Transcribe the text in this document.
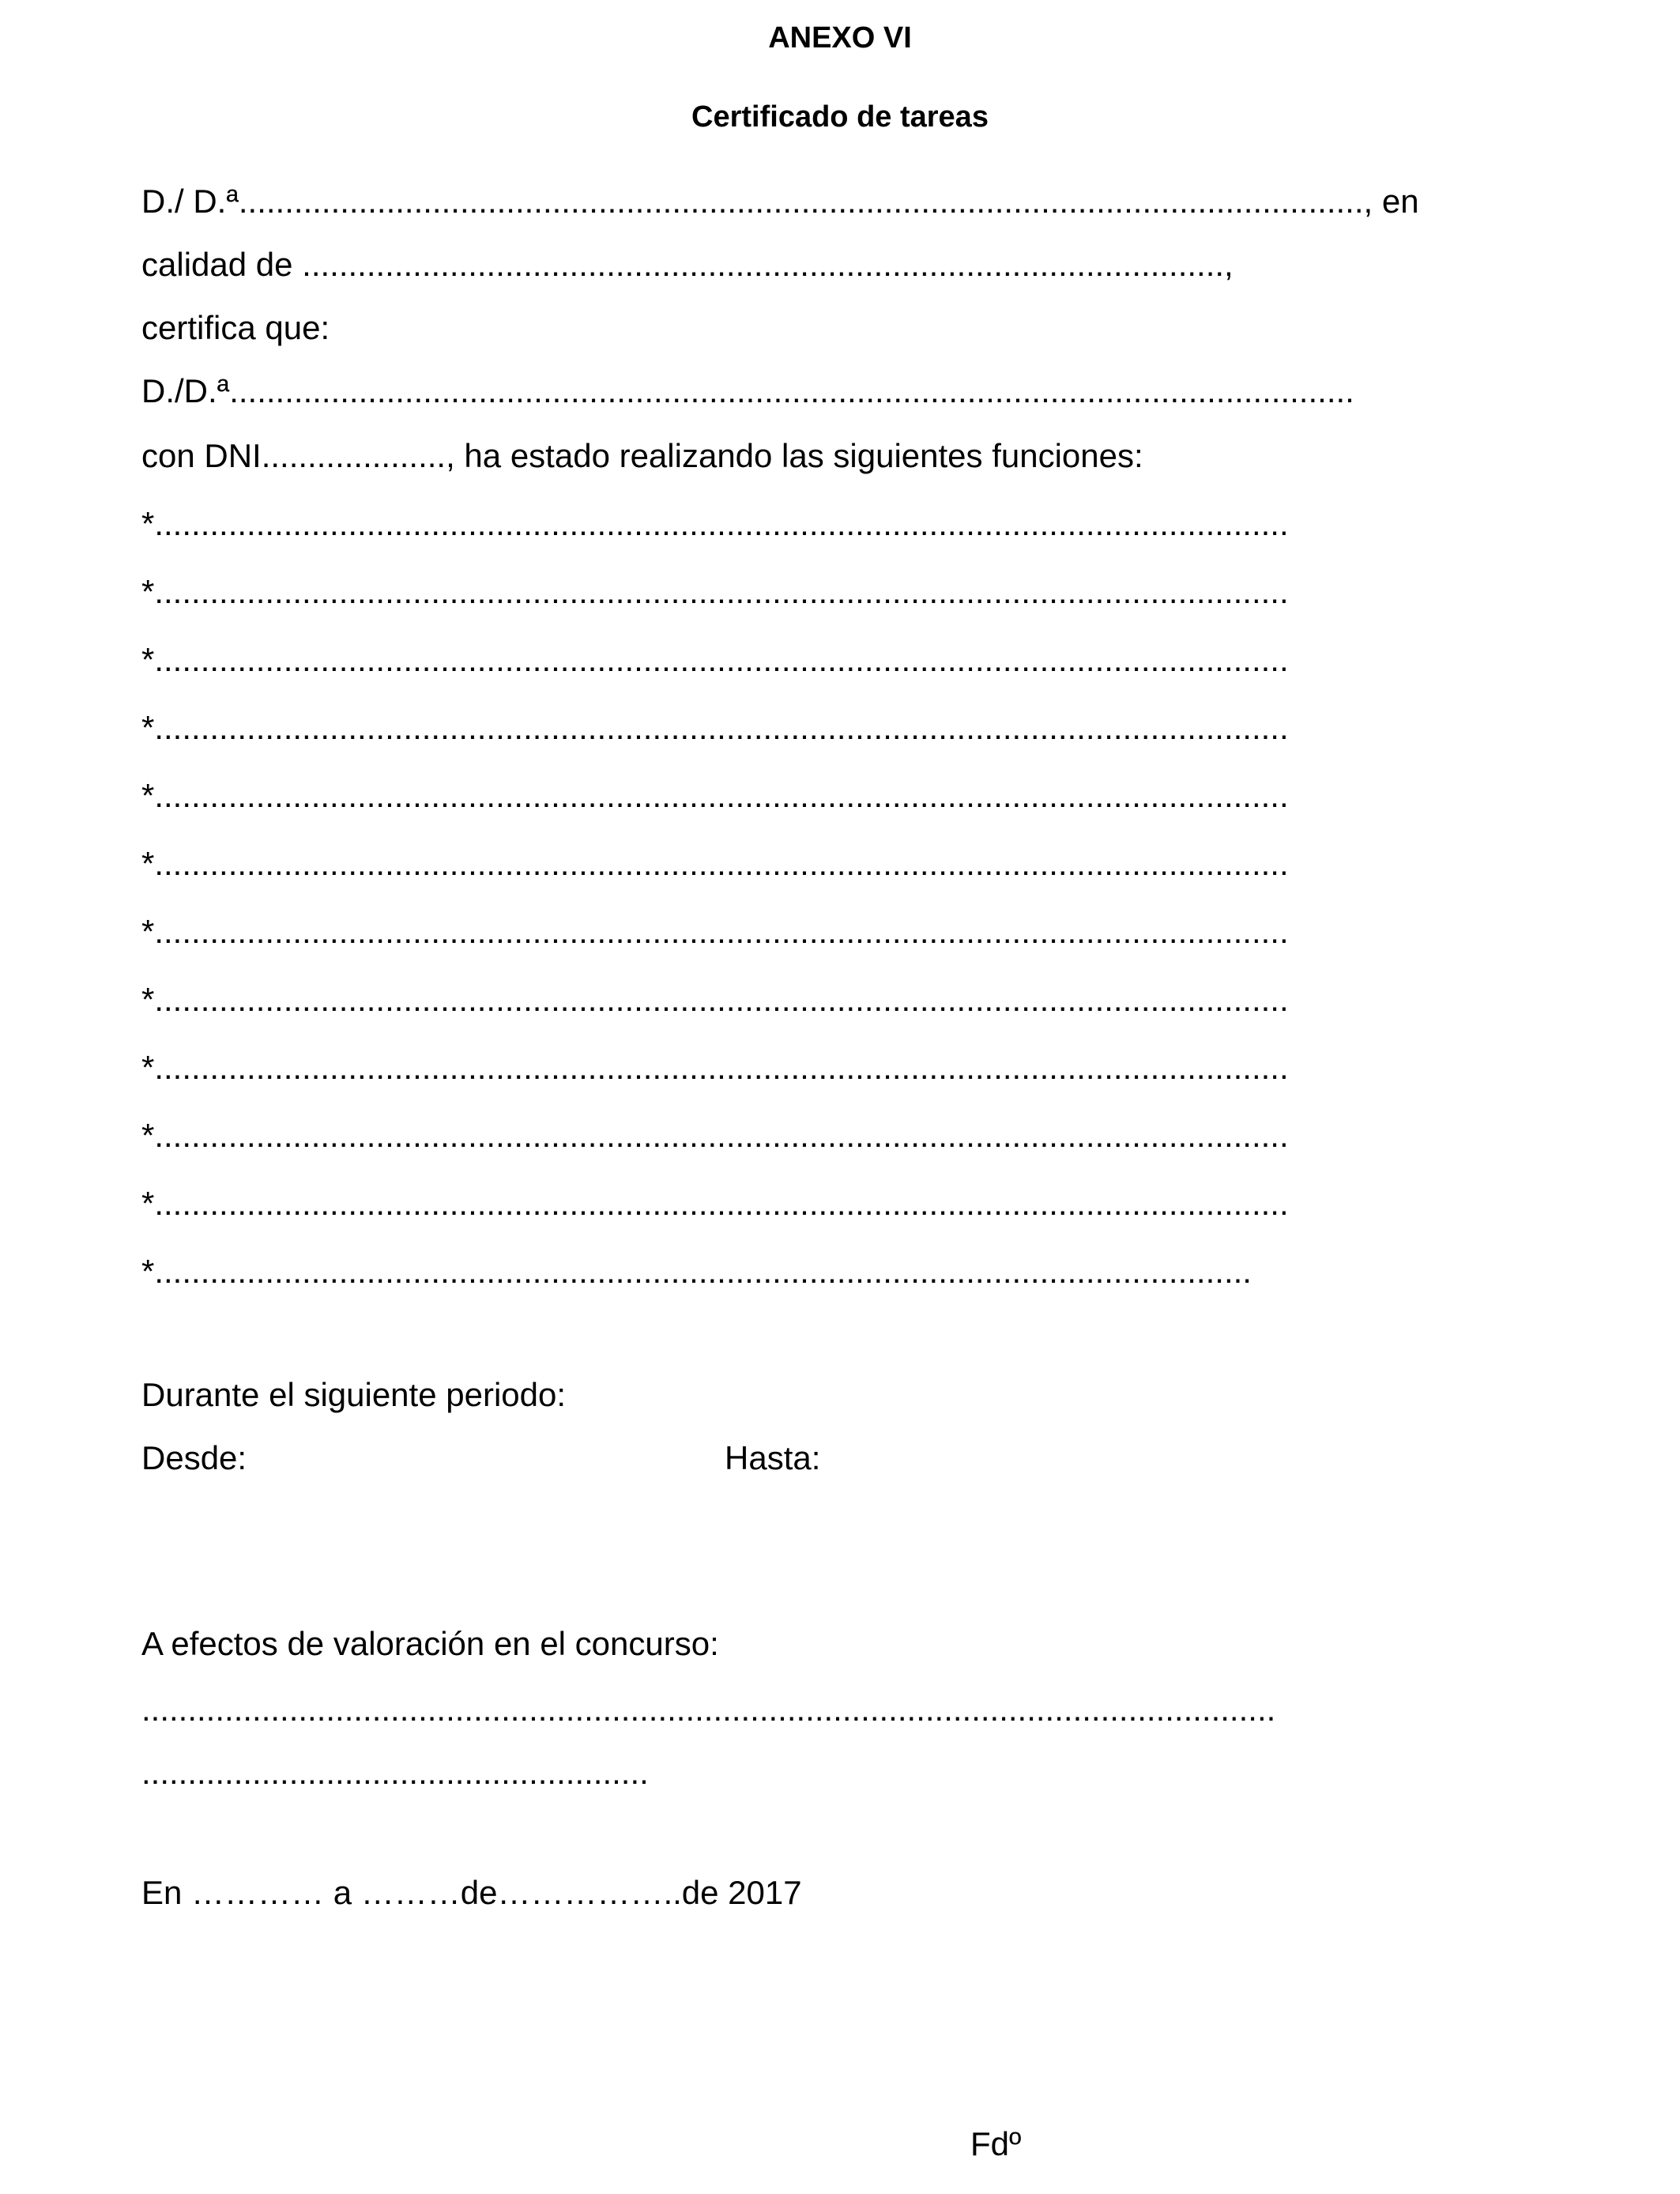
ANEXO VI
Certificado de tareas
D./ D.ª.........................................................................................................................., en
calidad de ....................................................................................................,
certifica que:
D./D.ª..........................................................................................................................
con DNI...................., ha estado realizando las siguientes funciones:
*...........................................................................................................................
*...........................................................................................................................
*...........................................................................................................................
*...........................................................................................................................
*...........................................................................................................................
*...........................................................................................................................
*...........................................................................................................................
*...........................................................................................................................
*...........................................................................................................................
*...........................................................................................................................
*...........................................................................................................................
*.......................................................................................................................
Durante el siguiente periodo:
Desde:	Hasta:
A efectos de valoración en el concurso:
...........................................................................................................................
.......................................................
En ………… a ………de……………..de 2017
Fdº
